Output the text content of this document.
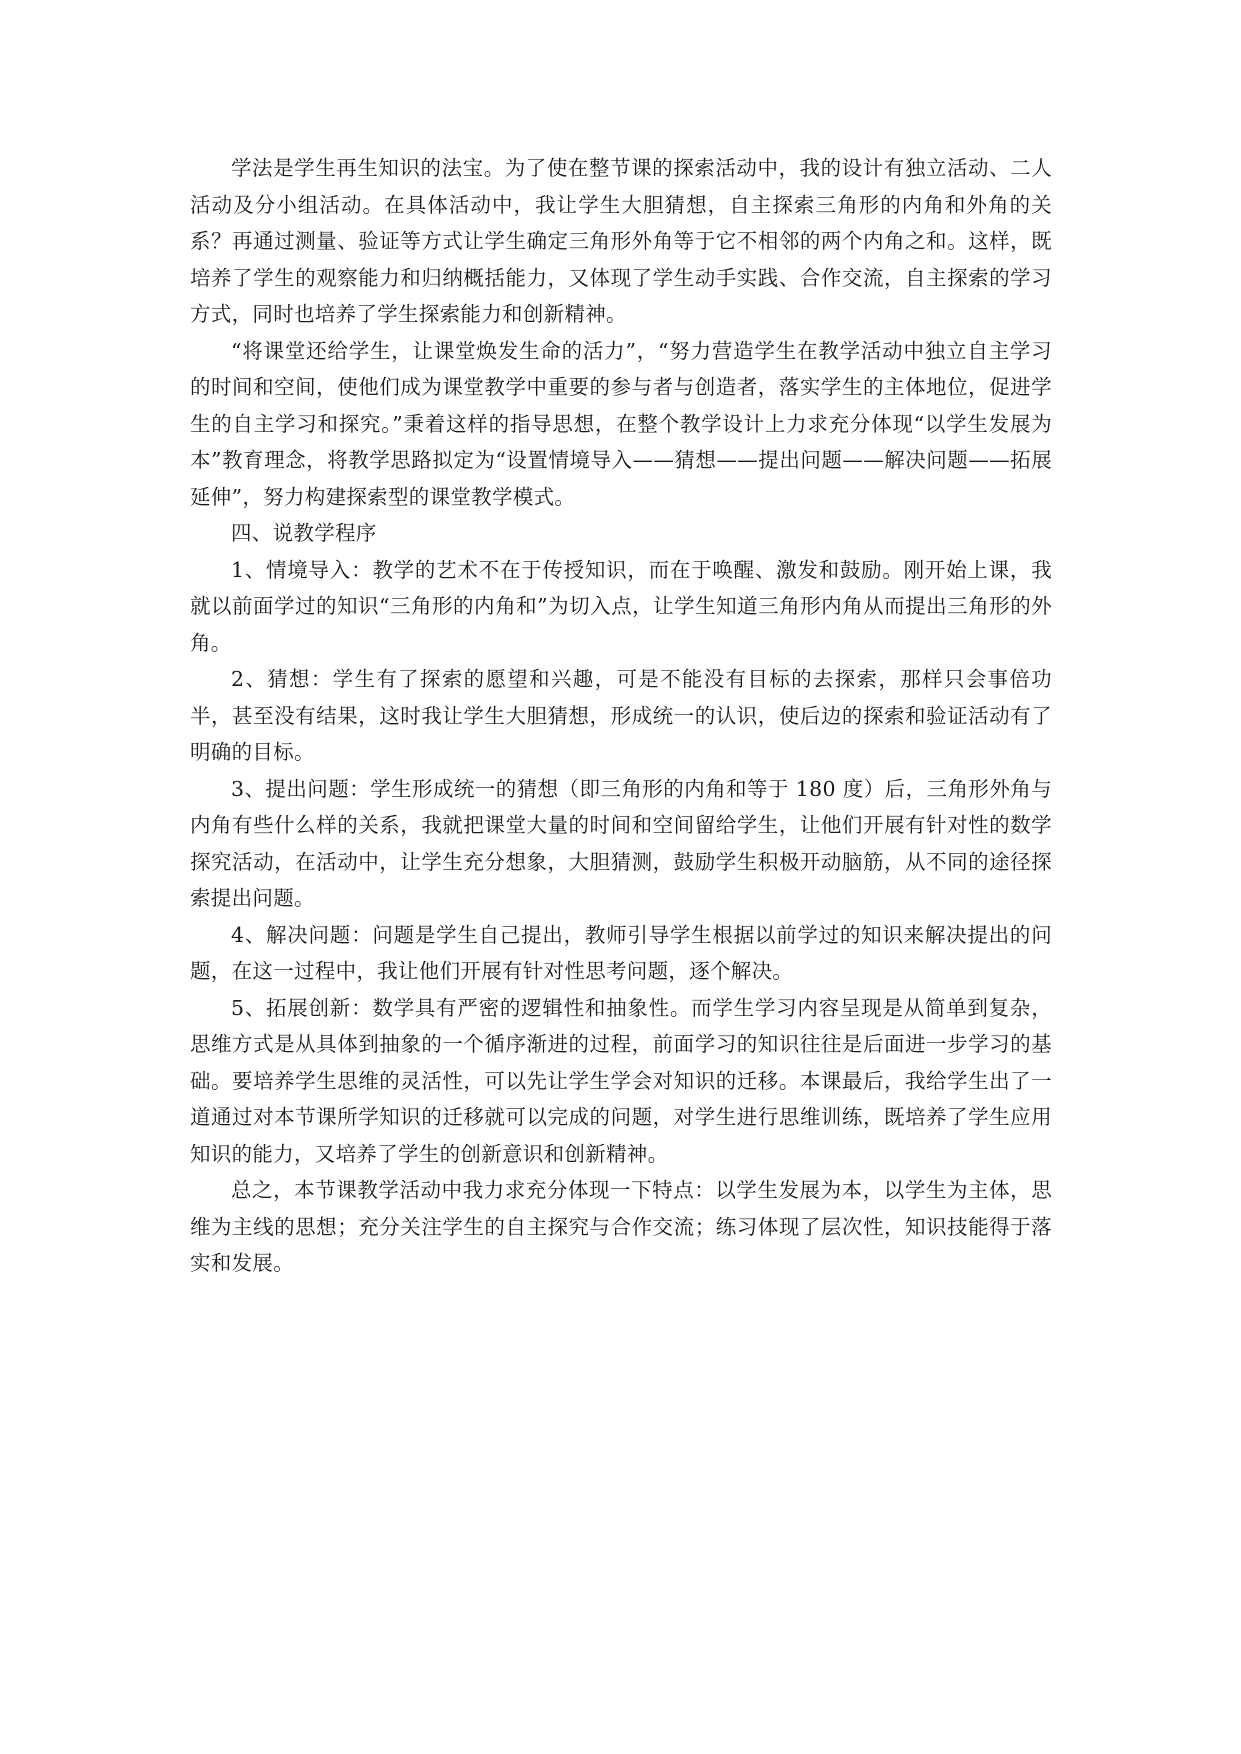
学法是学生再生知识的法宝。为了使在整节课的探索活动中，我的设计有独立活动、二人活动及分小组活动。在具体活动中，我让学生大胆猜想，自主探索三角形的内角和外角的关系？再通过测量、验证等方式让学生确定三角形外角等于它不相邻的两个内角之和。这样，既培养了学生的观察能力和归纳概括能力，又体现了学生动手实践、合作交流，自主探索的学习方式，同时也培养了学生探索能力和创新精神。

“将课堂还给学生，让课堂焕发生命的活力”，“努力营造学生在教学活动中独立自主学习的时间和空间，使他们成为课堂教学中重要的参与者与创造者，落实学生的主体地位，促进学生的自主学习和探究。”秉着这样的指导思想，在整个教学设计上力求充分体现“以学生发展为本”教育理念，将教学思路拟定为“设置情境导入——猜想——提出问题——解决问题——拓展延伸”，努力构建探索型的课堂教学模式。

四、说教学程序

1、情境导入：教学的艺术不在于传授知识，而在于唤醒、激发和鼓励。刚开始上课，我就以前面学过的知识“三角形的内角和”为切入点，让学生知道三角形内角从而提出三角形的外角。

2、猜想：学生有了探索的愿望和兴趣，可是不能没有目标的去探索，那样只会事倍功半，甚至没有结果，这时我让学生大胆猜想，形成统一的认识，使后边的探索和验证活动有了明确的目标。

3、提出问题：学生形成统一的猜想（即三角形的内角和等于 180 度）后，三角形外角与内角有些什么样的关系，我就把课堂大量的时间和空间留给学生，让他们开展有针对性的数学探究活动，在活动中，让学生充分想象，大胆猜测，鼓励学生积极开动脑筋，从不同的途径探索提出问题。

4、解决问题：问题是学生自己提出，教师引导学生根据以前学过的知识来解决提出的问题，在这一过程中，我让他们开展有针对性思考问题，逐个解决。

5、拓展创新：数学具有严密的逻辑性和抽象性。而学生学习内容呈现是从简单到复杂，思维方式是从具体到抽象的一个循序渐进的过程，前面学习的知识往往是后面进一步学习的基础。要培养学生思维的灵活性，可以先让学生学会对知识的迁移。本课最后，我给学生出了一道通过对本节课所学知识的迁移就可以完成的问题，对学生进行思维训练，既培养了学生应用知识的能力，又培养了学生的创新意识和创新精神。

总之，本节课教学活动中我力求充分体现一下特点：以学生发展为本，以学生为主体，思维为主线的思想；充分关注学生的自主探究与合作交流；练习体现了层次性，知识技能得于落实和发展。
